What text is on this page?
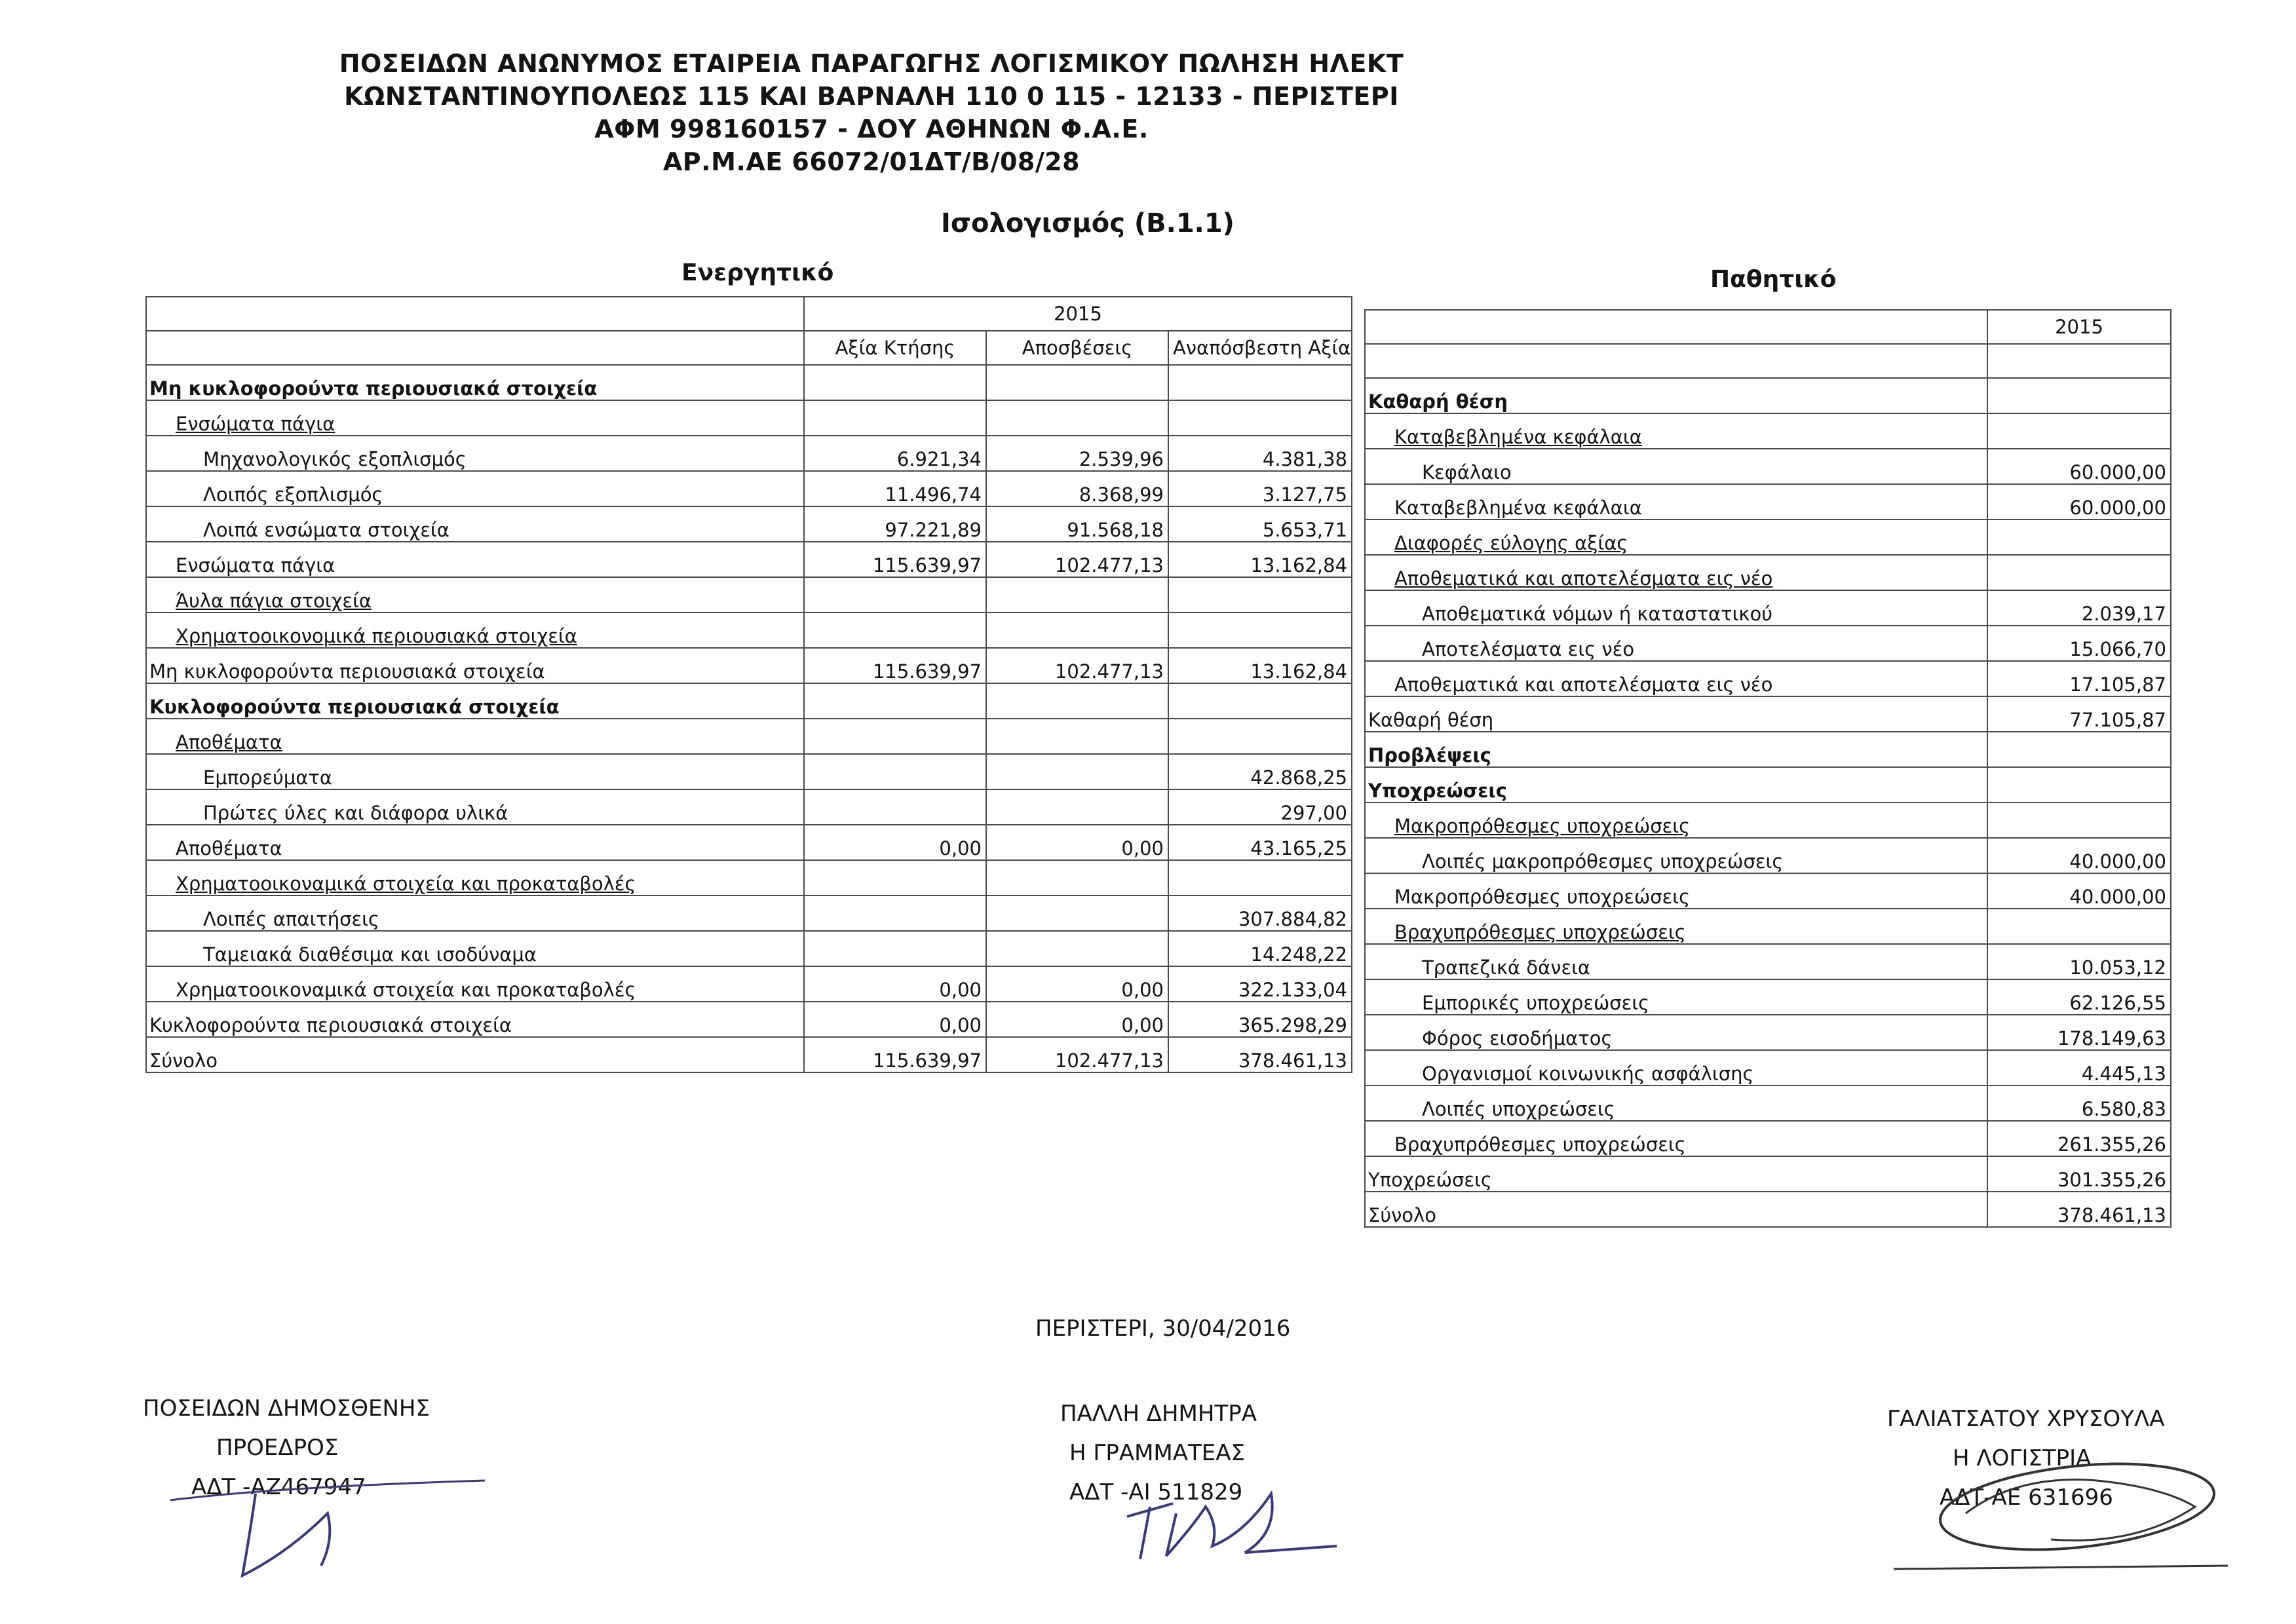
ΠΟΣΕΙΔΩΝ ΑΝΩΝΥΜΟΣ ΕΤΑΙΡΕΙΑ ΠΑΡΑΓΩΓΗΣ ΛΟΓΙΣΜΙΚΟΥ ΠΩΛΗΣΗ ΗΛΕΚΤ
ΚΩΝΣΤΑΝΤΙΝΟΥΠΟΛΕΩΣ 115 ΚΑΙ ΒΑΡΝΑΛΗ 110 0 115 - 12133 - ΠΕΡΙΣΤΕΡΙ
ΑΦΜ 998160157 - ΔΟΥ ΑΘΗΝΩΝ Φ.Α.Ε.
ΑΡ.Μ.ΑΕ 66072/01ΔΤ/Β/08/28
Ισολογισμός (Β.1.1)
Ενεργητικό	Παθητικό
	2015		
	Αξία Κτήσης	Αποσβέσεις	Αναπόσβεστη Αξία
Μη κυκλοφορούντα περιουσιακά στοιχεία			
Ενσώματα πάγια			
Μηχανολογικός εξοπλισμός	6.921,34	2.539,96	4.381,38
Λοιπός εξοπλισμός	11.496,74	8.368,99	3.127,75
Λοιπά ενσώματα στοιχεία	97.221,89	91.568,18	5.653,71
Ενσώματα πάγια	115.639,97	102.477,13	13.162,84
Άυλα πάγια στοιχεία			
Χρηματοοικονομικά περιουσιακά στοιχεία			
Μη κυκλοφορούντα περιουσιακά στοιχεία	115.639,97	102.477,13	13.162,84
Κυκλοφορούντα περιουσιακά στοιχεία			
Αποθέματα			
Εμπορεύματα			42.868,25
Πρώτες ύλες και διάφορα υλικά			297,00
Αποθέματα	0,00	0,00	43.165,25
Χρηματοοικοναμικά στοιχεία και προκαταβολές			
Λοιπές απαιτήσεις			307.884,82
Ταμειακά διαθέσιμα και ισοδύναμα			14.248,22
Χρηματοοικοναμικά στοιχεία και προκαταβολές	0,00	0,00	322.133,04
Κυκλοφορούντα περιουσιακά στοιχεία	0,00	0,00	365.298,29
Σύνολο	115.639,97	102.477,13	378.461,13
	2015

Καθαρή θέση	
Καταβεβλημένα κεφάλαια	
Κεφάλαιο	60.000,00
Καταβεβλημένα κεφάλαια	60.000,00
Διαφορές εύλογης αξίας	
Αποθεματικά και αποτελέσματα εις νέο	
Αποθεματικά νόμων ή καταστατικού	2.039,17
Αποτελέσματα εις νέο	15.066,70
Αποθεματικά και αποτελέσματα εις νέο	17.105,87
Καθαρή θέση	77.105,87
Προβλέψεις	
Υποχρεώσεις	
Μακροπρόθεσμες υποχρεώσεις	
Λοιπές μακροπρόθεσμες υποχρεώσεις	40.000,00
Μακροπρόθεσμες υποχρεώσεις	40.000,00
Βραχυπρόθεσμες υποχρεώσεις	
Τραπεζικά δάνεια	10.053,12
Εμπορικές υποχρεώσεις	62.126,55
Φόρος εισοδήματος	178.149,63
Οργανισμοί κοινωνικής ασφάλισης	4.445,13
Λοιπές υποχρεώσεις	6.580,83
Βραχυπρόθεσμες υποχρεώσεις	261.355,26
Υποχρεώσεις	301.355,26
Σύνολο	378.461,13
ΠΕΡΙΣΤΕΡΙ, 30/04/2016
ΠΟΣΕΙΔΩΝ ΔΗΜΟΣΘΕΝΗΣ
ΠΡΟΕΔΡΟΣ
ΑΔΤ -ΑΖ467947
ΠΑΛΛΗ ΔΗΜΗΤΡΑ
Η ΓΡΑΜΜΑΤΕΑΣ
ΑΔΤ -ΑΙ 511829
ΓΑΛΙΑΤΣΑΤΟΥ ΧΡΥΣΟΥΛΑ
Η ΛΟΓΙΣΤΡΙΑ
ΑΔΤ-ΑΕ 631696
